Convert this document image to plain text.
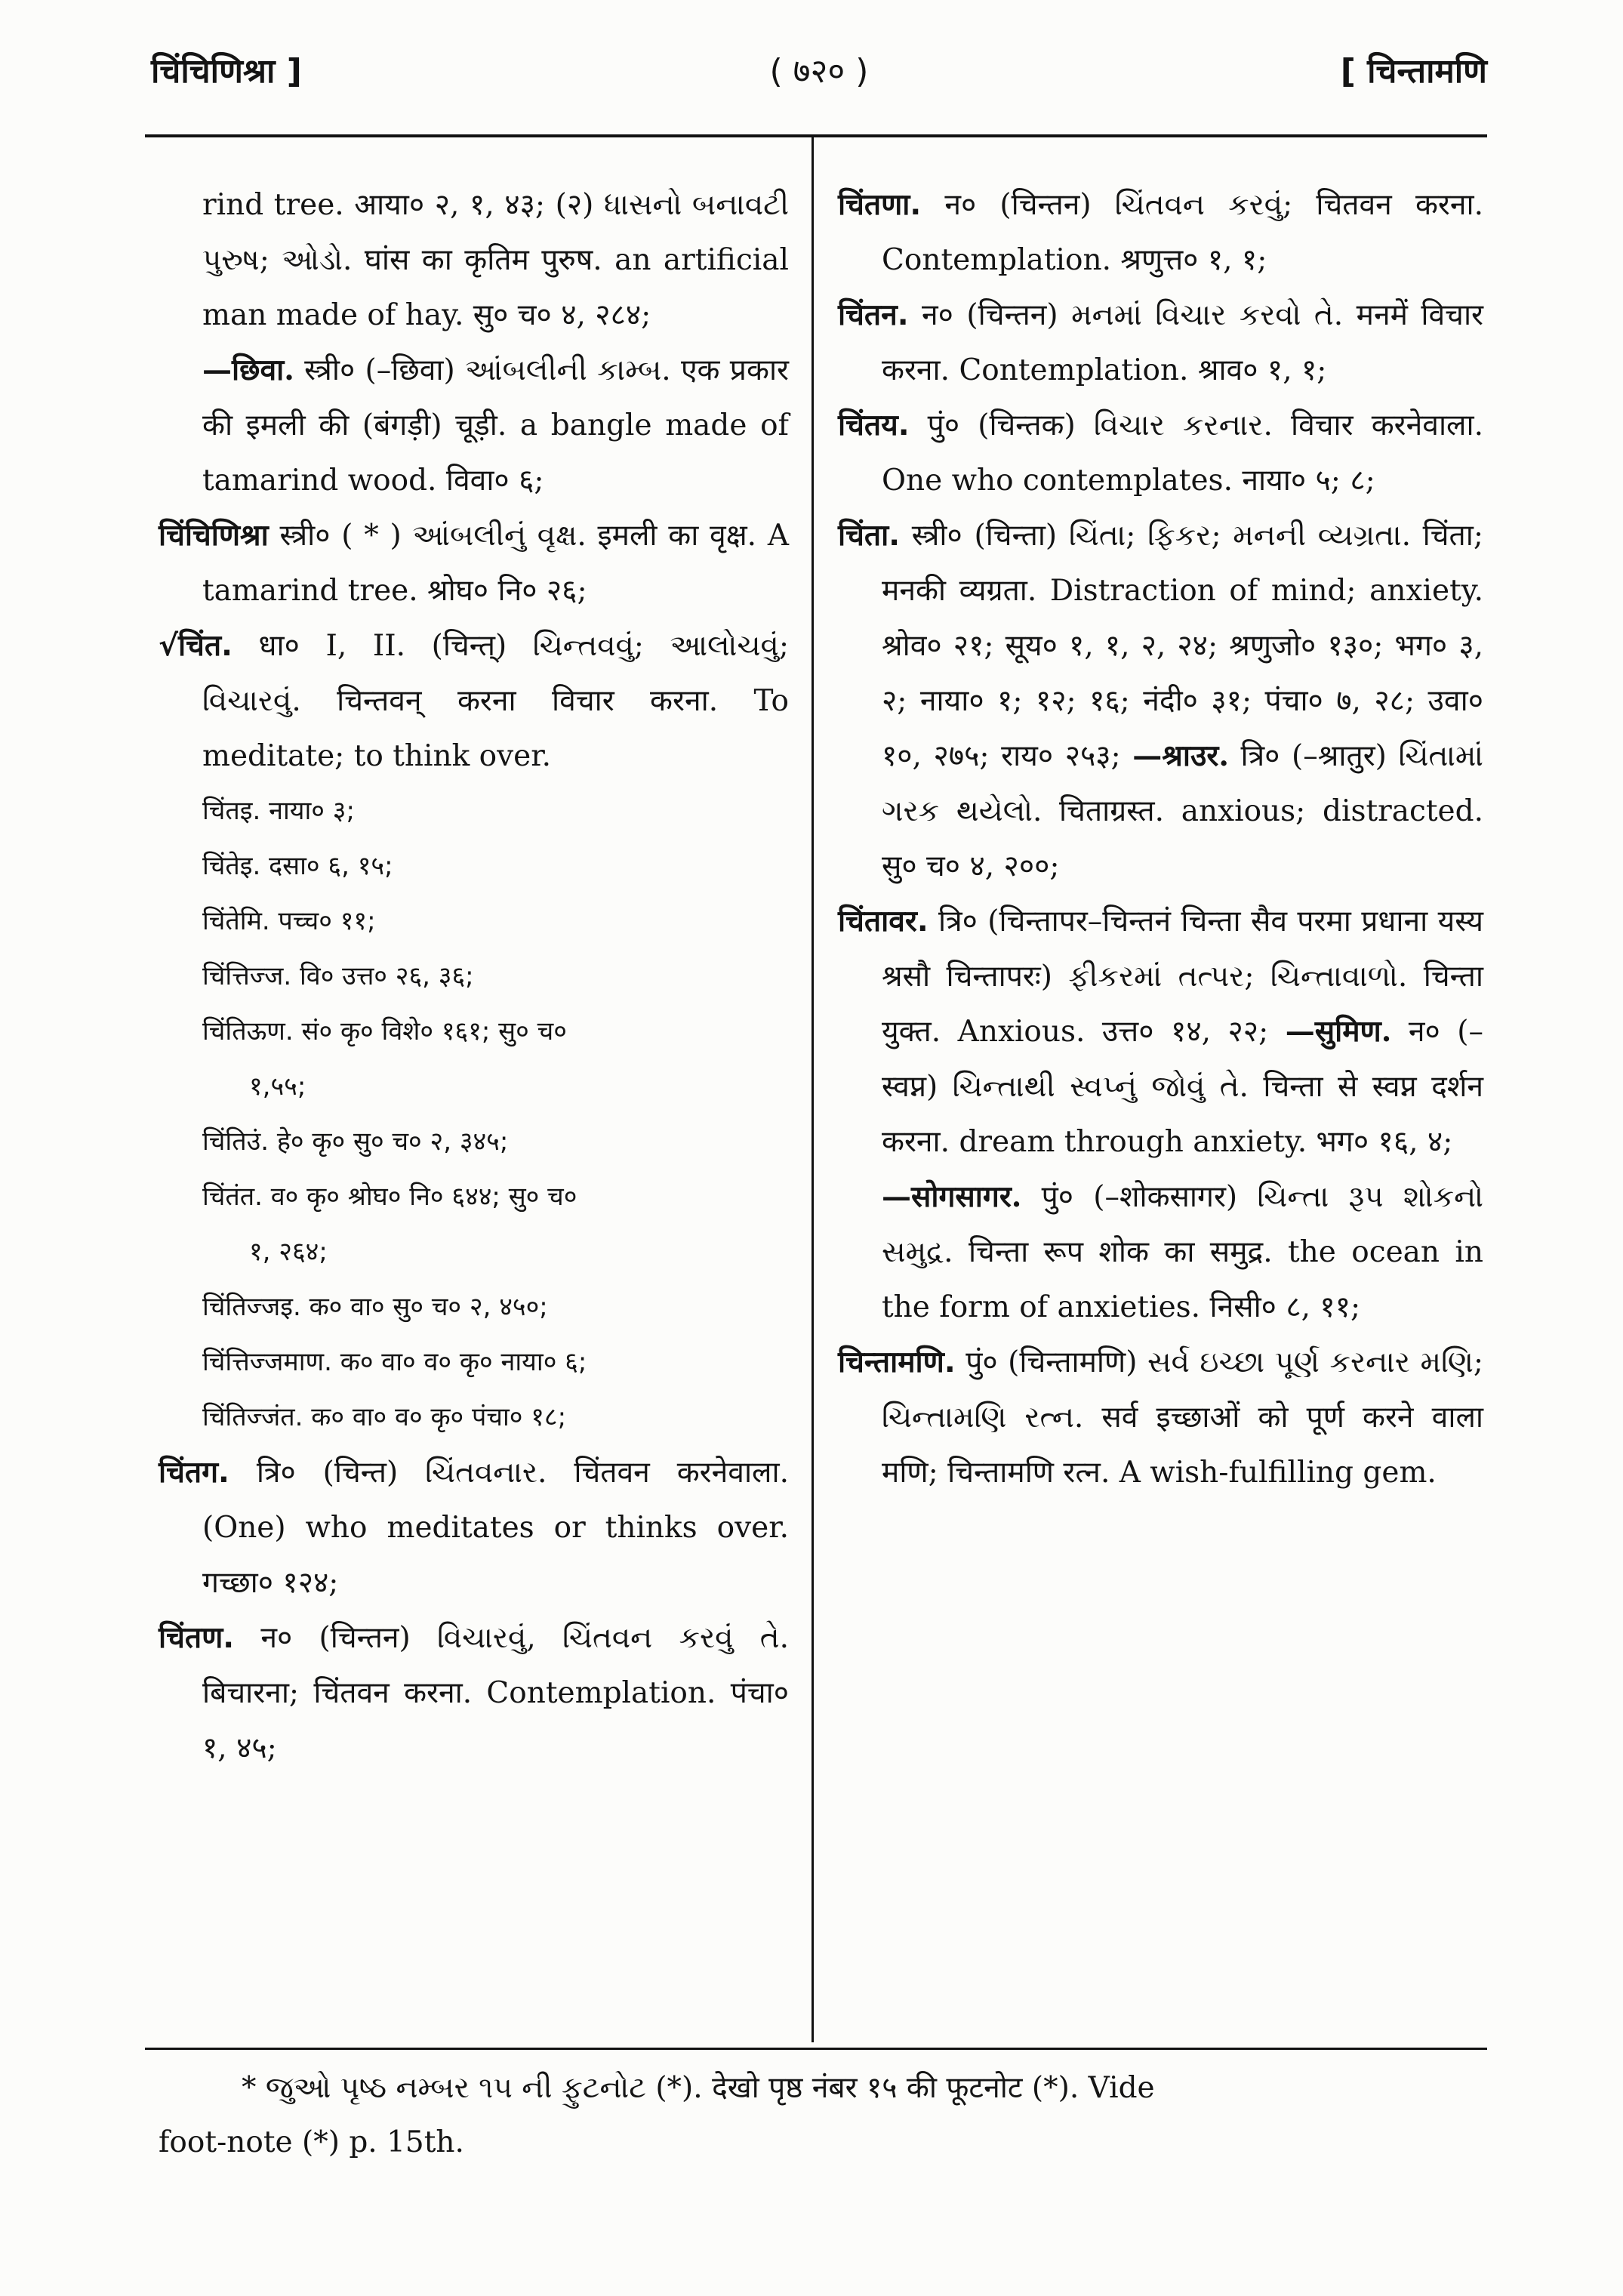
चिंचिणिश्रा ]	( ७२० )	[ चिन्तामणि

rind tree. आया० २, १, ४३; (२) ધાસનો બનાવટી પુરુષ; ઓડો. घांस का कृतिम पुरुष. an artificial man made of hay. सु० च० ४, २८४;

—छिवा. स्त्री० (–छिवा) આંબલીની કામ્બ. एक प्रकार की इमली की (बंगड़ी) चूड़ी. a bangle made of tamarind wood. विवा० ६;

चिंचिणिश्रा स्त्री० ( * ) આંબલીનું વૃક્ષ. इमली का वृक्ष. A tamarind tree. श्रोघ० नि० २६;

√चिंत. धा० I, II. (चिन्त्) ચિન્તવવું; આલોચવું; વિચારવું. चिन्तवन् करना विचार करना. To meditate; to think over.

चिंतइ. नाया० ३;

चिंतेइ. दसा० ६, १५;

चिंतेमि. पच्च० ११;

चिंत्तिज्ज. वि० उत्त० २६, ३६;

चिंतिऊण. सं० कृ० विशे० १६१; सु० च०

१,५५;

चिंतिउं. हे० कृ० सु० च० २, ३४५;

चिंतंत. व० कृ० श्रोघ० नि० ६४४; सु० च०

१, २६४;

चिंतिज्जइ. क० वा० सु० च० २, ४५०;

चिंत्तिज्जमाण. क० वा० व० कृ० नाया० ६;

चिंतिज्जंत. क० वा० व० कृ० पंचा० १८;

चिंतग. त्रि० (चिन्त) ચિંતવનાર. चिंतवन करनेवाला. (One) who meditates or thinks over. गच्छा० १२४;

चिंतण. न० (चिन्तन) વિચારવું, ચિંતવન કરવું તે. बिचारना; चिंतवन करना. Contemplation. पंचा० १, ४५;

चिंतणा. न० (चिन्तन) ચિંતવન કરવું; चितवन करना. Contemplation. श्रणुत्त० १, १;

चिंतन. न० (चिन्तन) મનમાં વિચાર કરવો તે. मनमें विचार करना. Contemplation. श्राव० १, १;

चिंतय. पुं० (चिन्तक) વિચાર કરનાર. विचार करनेवाला. One who contemplates. नाया० ५; ८;

चिंता. स्त्री० (चिन्ता) ચિંતા; ફિકર; મનની વ્યગ્રતા. चिंता; मनकी व्यग्रता. Distraction of mind; anxiety. श्रोव० २१; सूय० १, १, २, २४; श्रणुजो० १३०; भग० ३, २; नाया० १; १२; १६; नंदी० ३१; पंचा० ७, २८; उवा० १०, २७५; राय० २५३; —श्राउर. त्रि० (–श्रातुर) ચિંતામાં ગરક થયેલો. चिताग्रस्त. anxious; distracted. सु० च० ४, २००;

चिंतावर. त्रि० (चिन्तापर–चिन्तनं चिन्ता सैव परमा प्रधाना यस्य श्रसौ चिन्तापरः) ફીકરમાં તત્પર; ચિન્તાવાળો. चिन्ता युक्त. Anxious. उत्त० १४, २२; —सुमिण. न० (–स्वप्न) ચિન્તાથી સ્વપ્નું જોવું તે. चिन्ता से स्वप्न दर्शन करना. dream through anxiety. भग० १६, ४;

—सोगसागर. पुं० (–शोकसागर) ચિન્તા રૂપ શોકનો સમુદ્ર. चिन्ता रूप शोक का समुद्र. the ocean in the form of anxieties. निसी० ८, ११;

चिन्तामणि. पुं० (चिन्तामणि) સર્વ ઇચ્છા પૂર્ણ કરનાર મણિ; ચિન્તામણિ રત્ન. सर्व इच्छाओं को पूर्ण करने वाला मणि; चिन्तामणि रत्न. A wish-fulfilling gem.

* જુઓ પૃષ્ઠ નમ્બર ૧૫ ની ફુટનોટ (*). देखो पृष्ठ नंबर १५ की फूटनोट (*). Vide
foot-note (*) p. 15th.
